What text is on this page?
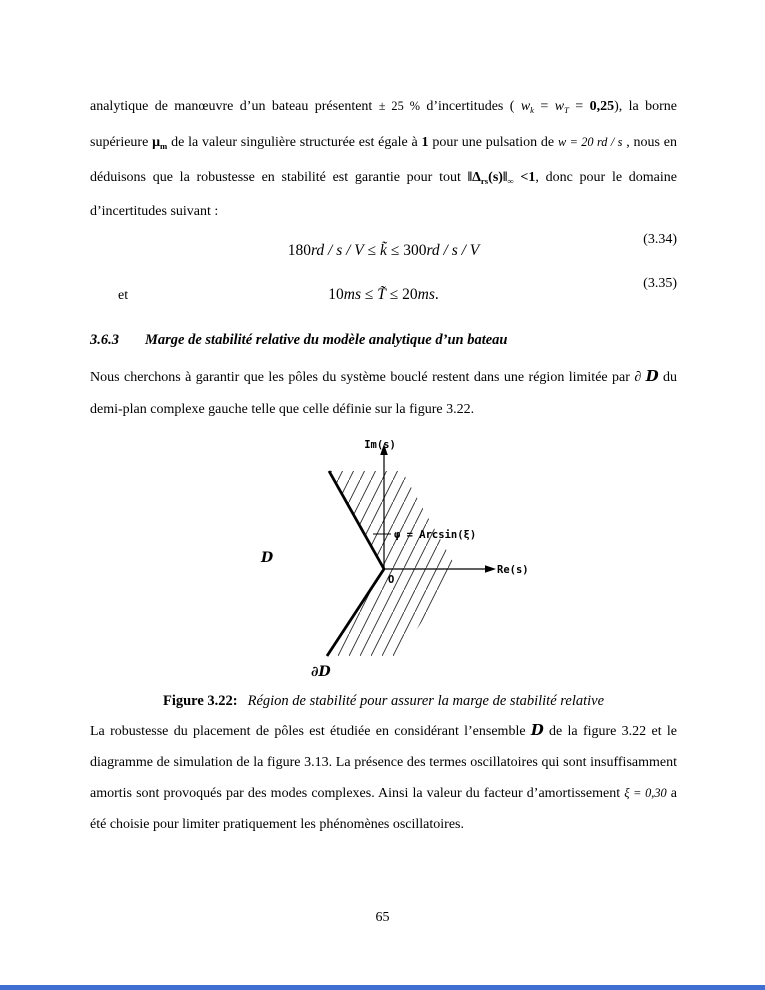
analytique de manœuvre d’un bateau présentent ± 25 % d’incertitudes ( wk = wT = 0,25), la borne supérieure μm de la valeur singulière structurée est égale à 1 pour une pulsation de w = 20 rd / s , nous en déduisons que la robustesse en stabilité est garantie pour tout ‖Δrs(s)‖∞ <1, donc pour le domaine d’incertitudes suivant :

180rd / s / V ≤ k̃ ≤ 300rd / s / V
(3.34)
et	10ms ≤ T̃ ≤ 20ms.
(3.35)
3.6.3 Marge de stabilité relative du modèle analytique d’un bateau

Nous cherchons à garantir que les pôles du système bouclé restent dans une région limitée par ∂ D du demi-plan complexe gauche telle que celle définie sur la figure 3.22.

Im(s)
Re(s)
O
φ = Arcsin(ξ)
D
∂D
Figure 3.22: Région de stabilité pour assurer la marge de stabilité relative

La robustesse du placement de pôles est étudiée en considérant l’ensemble D de la figure 3.22 et le diagramme de simulation de la figure 3.13. La présence des termes oscillatoires qui sont insuffisamment amortis sont provoqués par des modes complexes. Ainsi la valeur du facteur d’amortissement ξ = 0,30 a été choisie pour limiter pratiquement les phénomènes oscillatoires.

65
